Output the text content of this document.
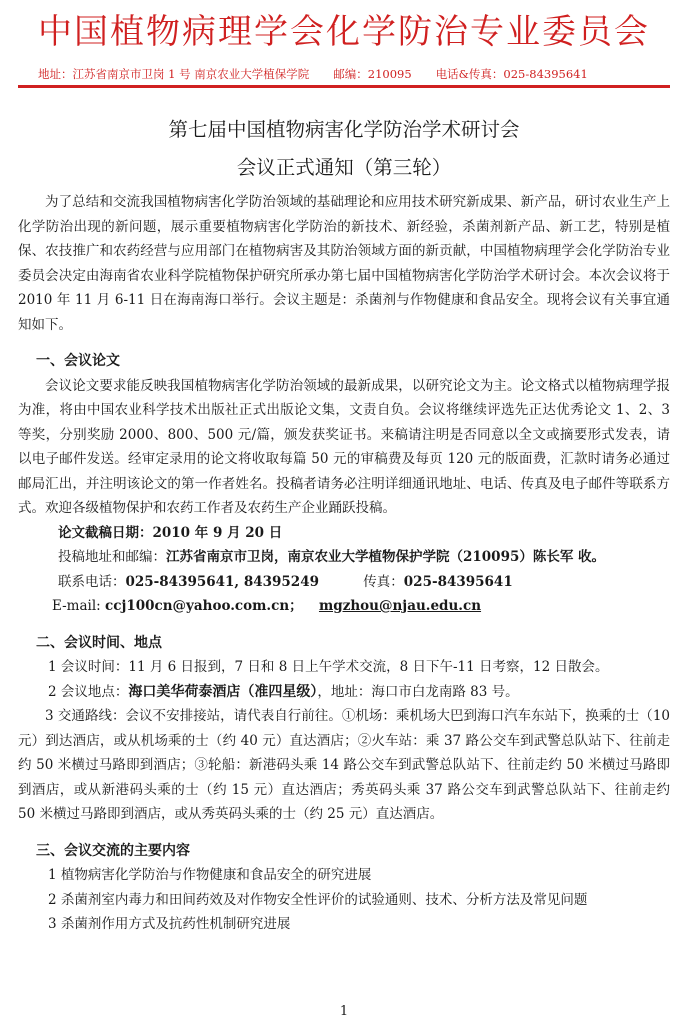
中国植物病理学会化学防治专业委员会
地址：江苏省南京市卫岗 1 号 南京农业大学植保学院 邮编：210095 电话&传真：025-84395641
第七届中国植物病害化学防治学术研讨会
会议正式通知（第三轮）

为了总结和交流我国植物病害化学防治领域的基础理论和应用技术研究新成果、新产品，研讨农业生产上化学防治出现的新问题，展示重要植物病害化学防治的新技术、新经验，杀菌剂新产品、新工艺，特别是植保、农技推广和农药经营与应用部门在植物病害及其防治领域方面的新贡献，中国植物病理学会化学防治专业委员会决定由海南省农业科学院植物保护研究所承办第七届中国植物病害化学防治学术研讨会。本次会议将于 2010 年 11 月 6-11 日在海南海口举行。会议主题是：杀菌剂与作物健康和食品安全。现将会议有关事宜通知如下。

一、会议论文

会议论文要求能反映我国植物病害化学防治领域的最新成果，以研究论文为主。论文格式以植物病理学报为准，将由中国农业科学技术出版社正式出版论文集，文责自负。会议将继续评选先正达优秀论文 1、2、3 等奖，分别奖励 2000、800、500 元/篇，颁发获奖证书。来稿请注明是否同意以全文或摘要形式发表，请以电子邮件发送。经审定录用的论文将收取每篇 50 元的审稿费及每页 120 元的版面费，汇款时请务必通过邮局汇出，并注明该论文的第一作者姓名。投稿者请务必注明详细通讯地址、电话、传真及电子邮件等联系方式。欢迎各级植物保护和农药工作者及农药生产企业踊跃投稿。

论文截稿日期：2010 年 9 月 20 日
投稿地址和邮编：江苏省南京市卫岗，南京农业大学植物保护学院（210095）陈长军 收。
联系电话：025-84395641, 84395249	传真：025-84395641
E-mail: ccj100cn@yahoo.com.cn； mgzhou@njau.edu.cn
二、会议时间、地点
1 会议时间：11 月 6 日报到，7 日和 8 日上午学术交流，8 日下午-11 日考察，12 日散会。
2 会议地点：海口美华荷泰酒店（准四星级），地址：海口市白龙南路 83 号。

3 交通路线：会议不安排接站，请代表自行前往。①机场：乘机场大巴到海口汽车东站下，换乘的士（10 元）到达酒店，或从机场乘的士（约 40 元）直达酒店；②火车站：乘 37 路公交车到武警总队站下、往前走约 50 米横过马路即到酒店；③轮船：新港码头乘 14 路公交车到武警总队站下、往前走约 50 米横过马路即到酒店，或从新港码头乘的士（约 15 元）直达酒店；秀英码头乘 37 路公交车到武警总队站下、往前走约 50 米横过马路即到酒店，或从秀英码头乘的士（约 25 元）直达酒店。

三、会议交流的主要内容
1 植物病害化学防治与作物健康和食品安全的研究进展
2 杀菌剂室内毒力和田间药效及对作物安全性评价的试验通则、技术、分析方法及常见问题
3 杀菌剂作用方式及抗药性机制研究进展
1
